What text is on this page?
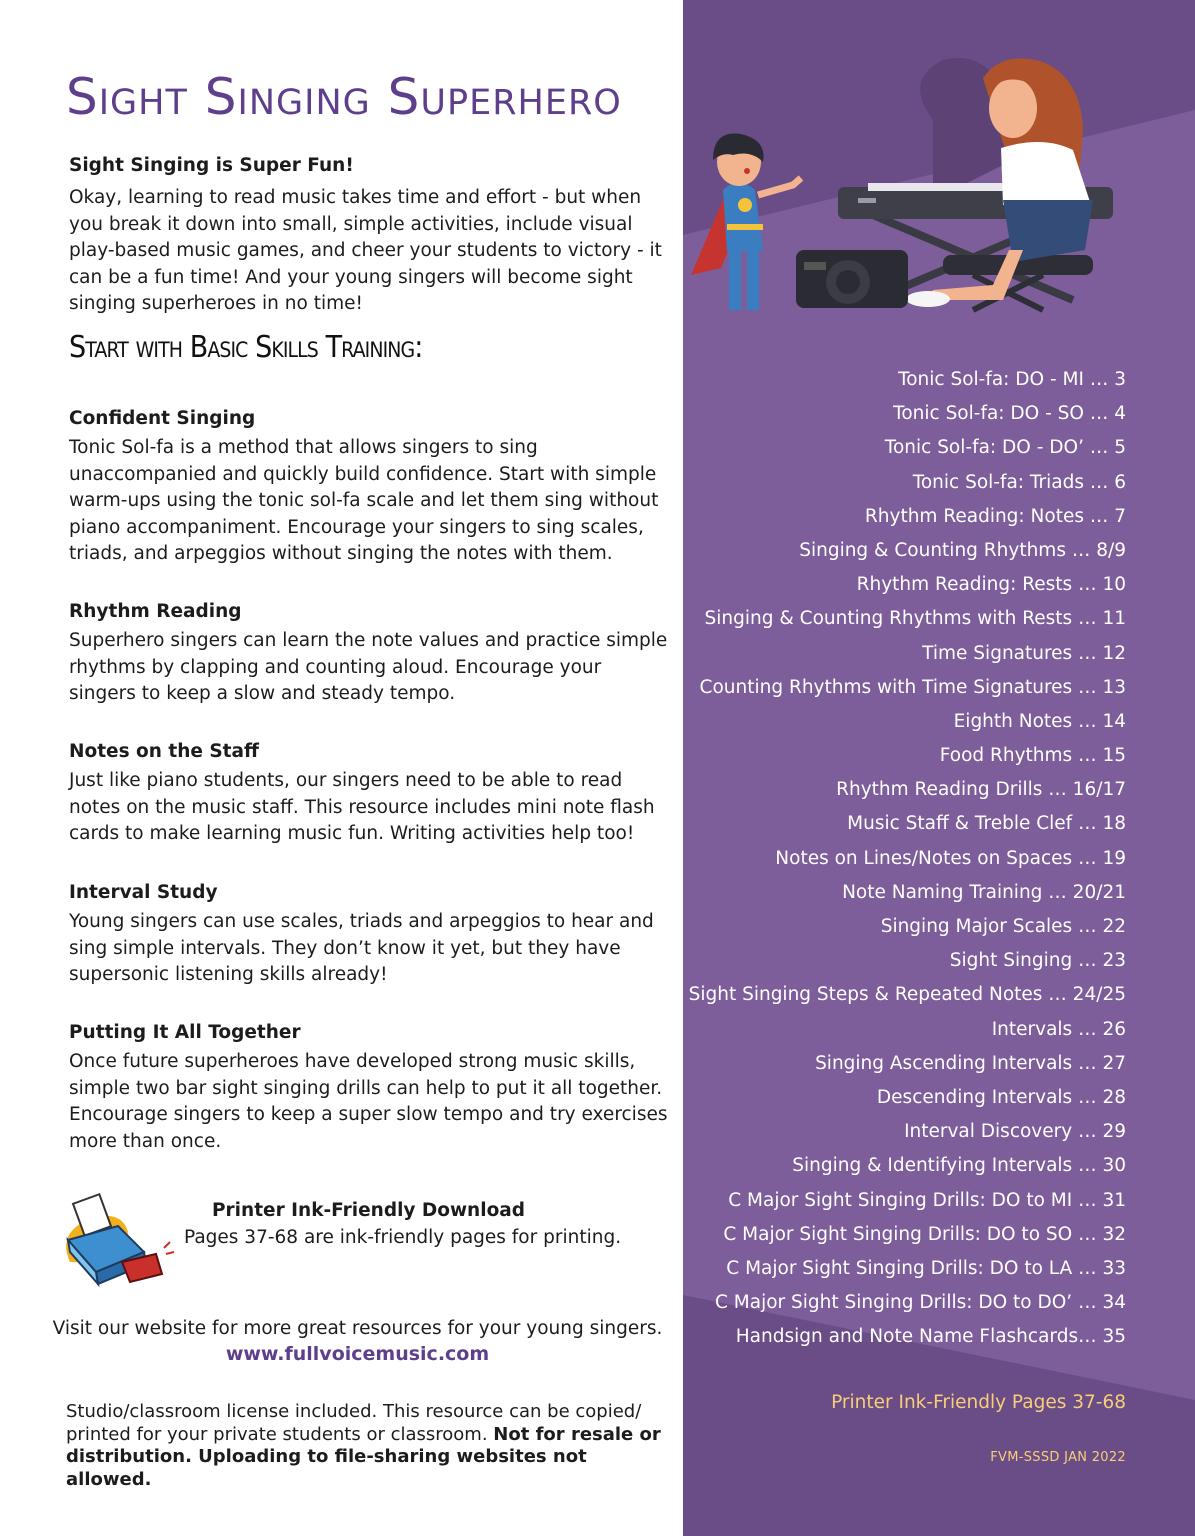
Sight Singing Superhero
Sight Singing is Super Fun!
Okay, learning to read music takes time and effort - but when you break it down into small, simple activities, include visual play-based music games, and cheer your students to victory - it can be a fun time! And your young singers will become sight singing superheroes in no time!
Start with Basic Skills Training:
Confident Singing

Tonic Sol-fa is a method that allows singers to sing unaccompanied and quickly build confidence. Start with simple warm-ups using the tonic sol-fa scale and let them sing without piano accompaniment. Encourage your singers to sing scales, triads, and arpeggios without singing the notes with them.

Rhythm Reading

Superhero singers can learn the note values and practice simple rhythms by clapping and counting aloud. Encourage your singers to keep a slow and steady tempo.

Notes on the Staff

Just like piano students, our singers need to be able to read notes on the music staff. This resource includes mini note flash cards to make learning music fun. Writing activities help too!

Interval Study

Young singers can use scales, triads and arpeggios to hear and sing simple intervals. They don’t know it yet, but they have supersonic listening skills already!

Putting It All Together

Once future superheroes have developed strong music skills, simple two bar sight singing drills can help to put it all together. Encourage singers to keep a super slow tempo and try exercises more than once.

Printer Ink-Friendly Download
Pages 37-68 are ink-friendly pages for printing.
Visit our website for more great resources for your young singers.
www.fullvoicemusic.com
Studio/classroom license included. This resource can be copied/ printed for your private students or classroom. Not for resale or distribution. Uploading to file-sharing websites not allowed.
Tonic Sol-fa: DO - MI … 3
Tonic Sol-fa: DO - SO … 4
Tonic Sol-fa: DO - DO’ … 5
Tonic Sol-fa: Triads … 6
Rhythm Reading: Notes … 7
Singing & Counting Rhythms … 8/9
Rhythm Reading: Rests … 10
Singing & Counting Rhythms with Rests … 11
Time Signatures … 12
Counting Rhythms with Time Signatures … 13
Eighth Notes … 14
Food Rhythms … 15
Rhythm Reading Drills … 16/17
Music Staff & Treble Clef … 18
Notes on Lines/Notes on Spaces … 19
Note Naming Training … 20/21
Singing Major Scales … 22
Sight Singing … 23
Sight Singing Steps & Repeated Notes … 24/25
Intervals … 26
Singing Ascending Intervals … 27
Descending Intervals … 28
Interval Discovery … 29
Singing & Identifying Intervals … 30
C Major Sight Singing Drills: DO to MI … 31
C Major Sight Singing Drills: DO to SO … 32
C Major Sight Singing Drills: DO to LA … 33
C Major Sight Singing Drills: DO to DO’ … 34
Handsign and Note Name Flashcards… 35
Printer Ink-Friendly Pages 37-68
FVM-SSSD JAN 2022
